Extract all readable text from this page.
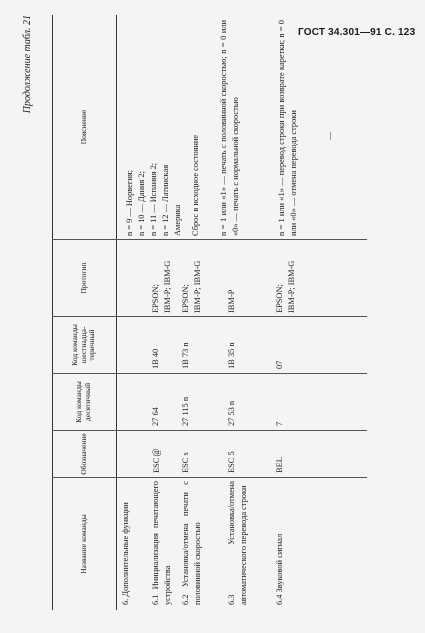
ГОСТ 34.301—91 С. 123
Продолжение табл. 21
Название команды
Обозначение
Код команды десятичный
Код команды шестнадца-теричный
Прототип
Пояснение
n = 9 — Норвегия; n = 10 — Дания 2; n = 11 — Испания 2; n = 12 — Латинская Америка
6. Дополнительные функции	6.1 Инициализация печатающего устройства
ESC@
27 64
1B 40
EPSON; IBM-P; IBM-G
Сброс в исходное состояние
6.2 Установка/отмена печати с половинной скоростью
ESC s
27 115 n
1B 73 n
EPSON; IBM-P; IBM-G
n = 1 или «1» — печать с половинной скоростью; n = 0 или «0» — печать с нормальной скоростью
6.3 Установка/отмена автоматического перевода строки
ESC 5
27 53 n
1B 35 n
IBM-P
n = 1 или «1» — перевод строки при возврате каретки; n = 0 или «0» — отмена перевода строки
6.4 Звуковой сигнал
BEL
7
07
EPSON; IBM-P; IBM-G
—
